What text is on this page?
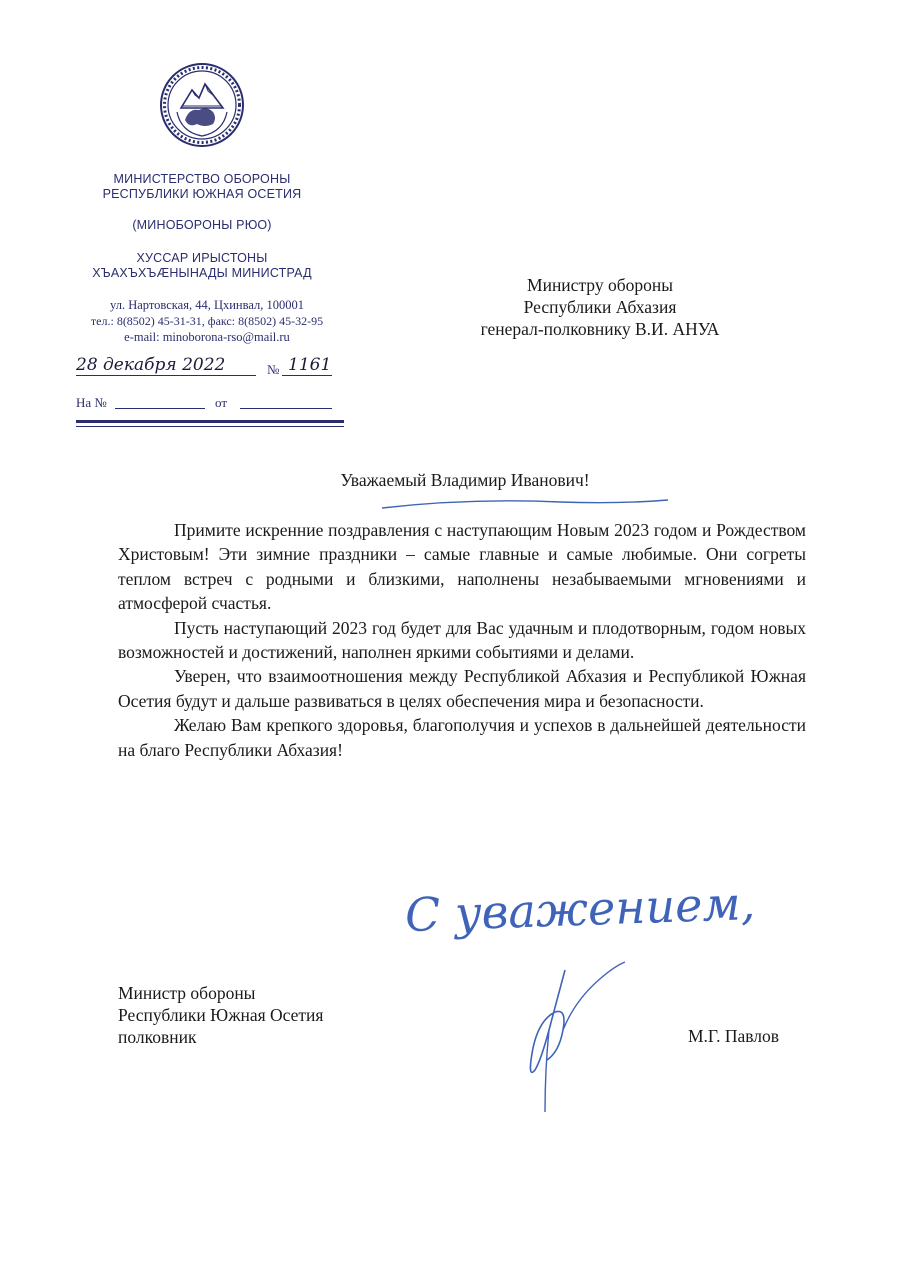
МИНИСТЕРСТВО ОБОРОНЫ
РЕСПУБЛИКИ ЮЖНАЯ ОСЕТИЯ
(МИНОБОРОНЫ РЮО)
ХУССАР ИРЫСТОНЫ
ХЪАХЪХЪӔНЫНАДЫ МИНИСТРАД
ул. Нартовская, 44, Цхинвал, 100001
тел.: 8(8502) 45-31-31, факс: 8(8502) 45-32-95
e-mail: minoborona-rso@mail.ru
28 декабря 2022	№ 1161
На №	от
Министру обороны
Республики Абхазия
генерал-полковнику В.И. АНУА
Уважаемый Владимир Иванович!

Примите искренние поздравления с наступающим Новым 2023 годом и Рождеством Христовым! Эти зимние праздники – самые главные и самые любимые. Они согреты теплом встреч с родными и близкими, наполнены незабываемыми мгновениями и атмосферой счастья.

Пусть наступающий 2023 год будет для Вас удачным и плодотворным, годом новых возможностей и достижений, наполнен яркими событиями и делами.

Уверен, что взаимоотношения между Республикой Абхазия и Республикой Южная Осетия будут и дальше развиваться в целях обеспечения мира и безопасности.

Желаю Вам крепкого здоровья, благополучия и успехов в дальнейшей деятельности на благо Республики Абхазия!

С уважением,
Министр обороны
Республики Южная Осетия
полковник	М.Г. Павлов
